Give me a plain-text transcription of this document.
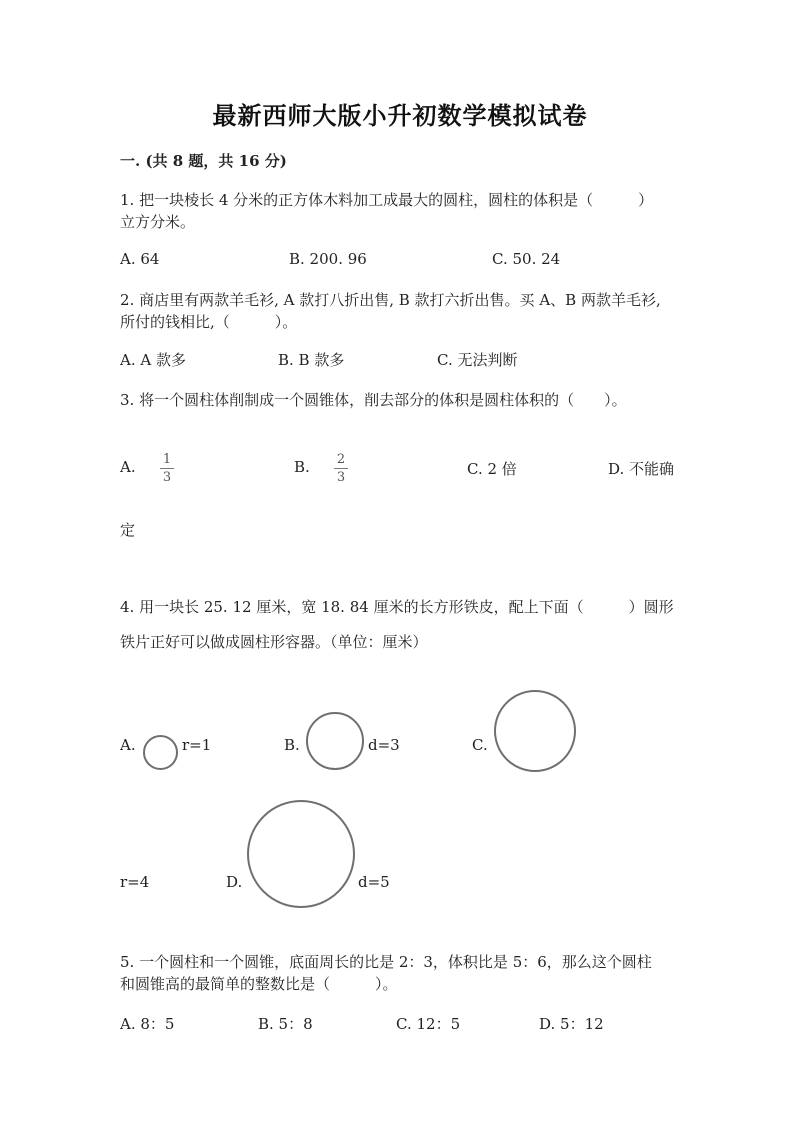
最新西师大版小升初数学模拟试卷
一. (共 8 题，共 16 分)
1. 把一块棱长 4 分米的正方体木料加工成最大的圆柱，圆柱的体积是（　　　）
立方分米。
A. 64	B. 200. 96	C. 50. 24
2. 商店里有两款羊毛衫, A 款打八折出售, B 款打六折出售。买 A、B 两款羊毛衫,
所付的钱相比,（　　　）。
A. A 款多	B. B 款多	C. 无法判断
3. 将一个圆柱体削制成一个圆锥体，削去部分的体积是圆柱体积的（　　）。
A. 1
3
B. 2
3	C. 2 倍	D. 不能确
定
4. 用一块长 25. 12 厘米，宽 18. 84 厘米的长方形铁皮，配上下面（　　　）圆形
铁片正好可以做成圆柱形容器。（单位：厘米）
A.	r=1	B.	d=3	C.
r=4	D.	d=5
5. 一个圆柱和一个圆锥，底面周长的比是 2：3，体积比是 5：6，那么这个圆柱
和圆锥高的最简单的整数比是（　　　）。
A. 8：5	B. 5：8	C. 12：5	D. 5：12
